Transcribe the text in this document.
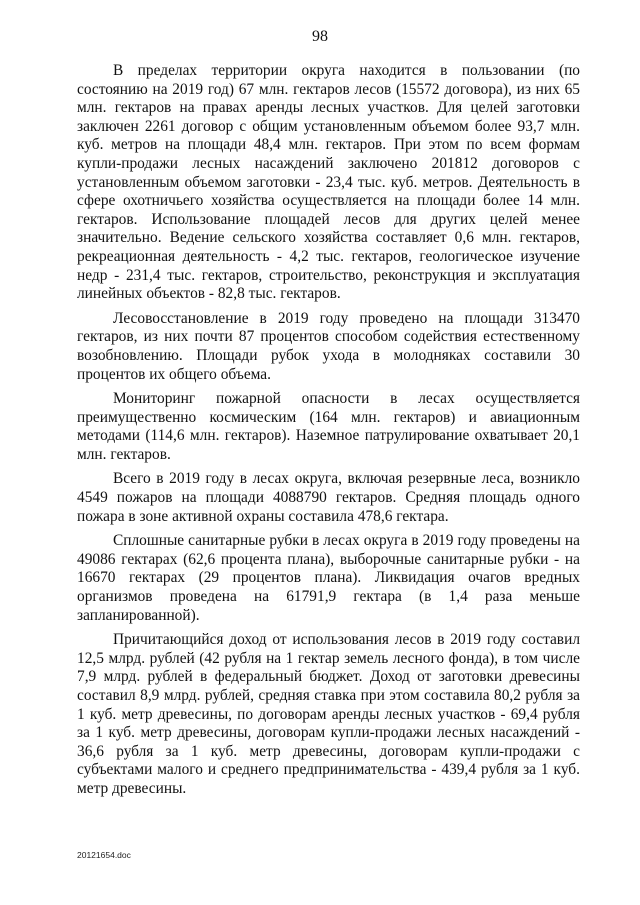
98

В пределах территории округа находится в пользовании (по состоянию на 2019 год) 67 млн. гектаров лесов (15572 договора), из них 65 млн. гектаров на правах аренды лесных участков. Для целей заготовки заключен 2261 договор с общим установленным объемом более 93,7 млн. куб. метров на площади 48,4 млн. гектаров. При этом по всем формам купли-продажи лесных насаждений заключено 201812 договоров с установленным объемом заготовки - 23,4 тыс. куб. метров. Деятельность в сфере охотничьего хозяйства осуществляется на площади более 14 млн. гектаров. Использование площадей лесов для других целей менее значительно. Ведение сельского хозяйства составляет 0,6 млн. гектаров, рекреационная деятельность - 4,2 тыс. гектаров, геологическое изучение недр - 231,4 тыс. гектаров, строительство, реконструкция и эксплуатация линейных объектов - 82,8 тыс. гектаров.

Лесовосстановление в 2019 году проведено на площади 313470 гектаров, из них почти 87 процентов способом содействия естественному возобновлению. Площади рубок ухода в молодняках составили 30 процентов их общего объема.

Мониторинг пожарной опасности в лесах осуществляется преимущественно космическим (164 млн. гектаров) и авиационным методами (114,6 млн. гектаров). Наземное патрулирование охватывает 20,1 млн. гектаров.

Всего в 2019 году в лесах округа, включая резервные леса, возникло 4549 пожаров на площади 4088790 гектаров. Средняя площадь одного пожара в зоне активной охраны составила 478,6 гектара.

Сплошные санитарные рубки в лесах округа в 2019 году проведены на 49086 гектарах (62,6 процента плана), выборочные санитарные рубки - на 16670 гектарах (29 процентов плана). Ликвидация очагов вредных организмов проведена на 61791,9 гектара (в 1,4 раза меньше запланированной).

Причитающийся доход от использования лесов в 2019 году составил 12,5 млрд. рублей (42 рубля на 1 гектар земель лесного фонда), в том числе 7,9 млрд. рублей в федеральный бюджет. Доход от заготовки древесины составил 8,9 млрд. рублей, средняя ставка при этом составила 80,2 рубля за 1 куб. метр древесины, по договорам аренды лесных участков - 69,4 рубля за 1 куб. метр древесины, договорам купли-продажи лесных насаждений - 36,6 рубля за 1 куб. метр древесины, договорам купли-продажи с субъектами малого и среднего предпринимательства - 439,4 рубля за 1 куб. метр древесины.

20121654.doc
